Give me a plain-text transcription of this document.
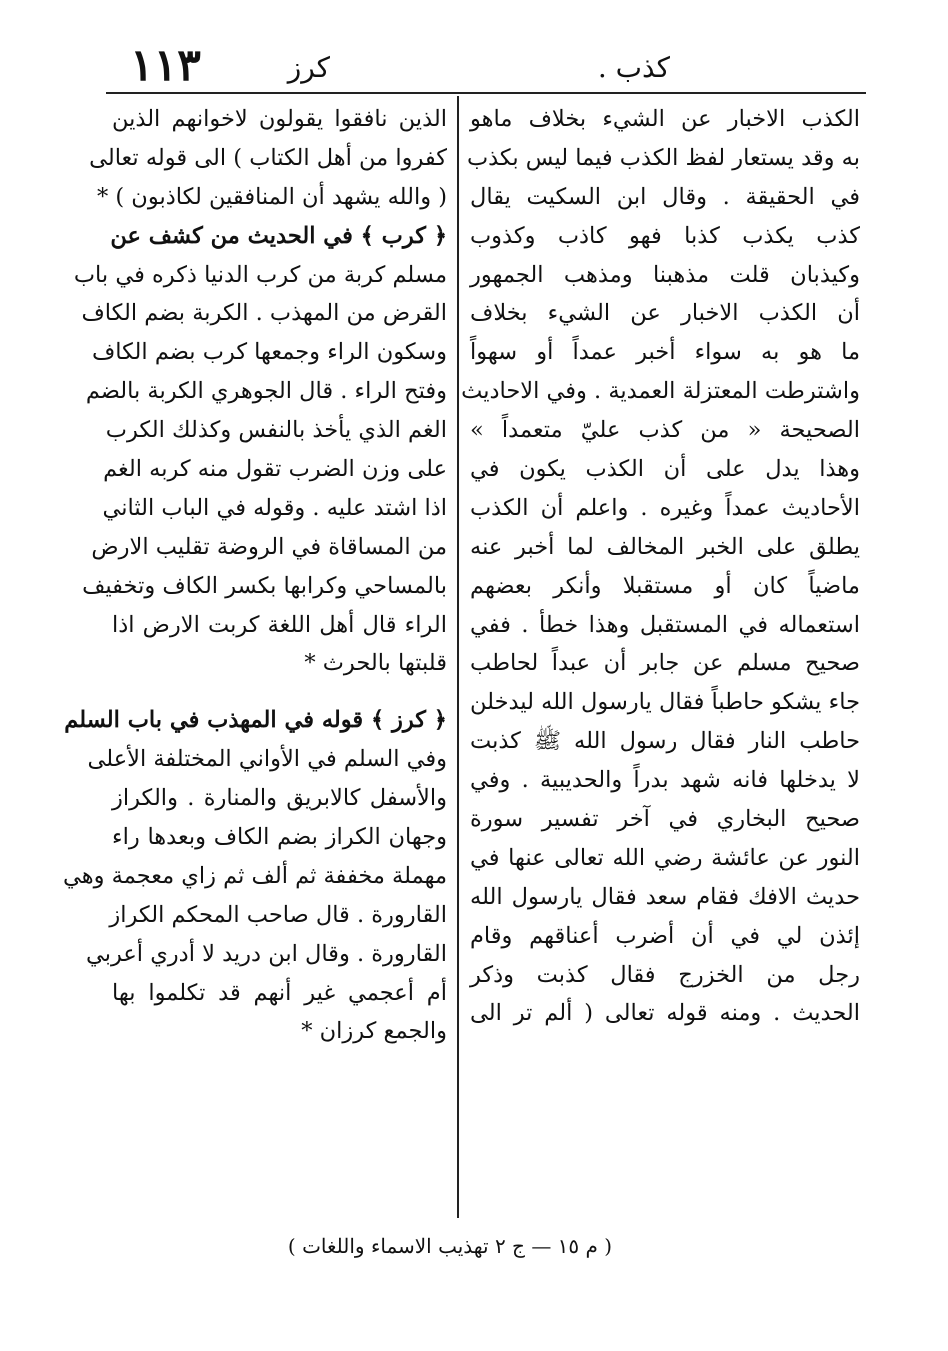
كذب .
كرز
١١٣
الكذب الاخبار عن الشيء بخلاف ماهو
به وقد يستعار لفظ الكذب فيما ليس بكذب
في الحقيقة . وقال ابن السكيت يقال
كذب يكذب كذبا فهو كاذب وكذوب
وكيذبان قلت مذهبنا ومذهب الجمهور
أن الكذب الاخبار عن الشيء بخلاف
ما هو به سواء أخبر عمداً أو سهواً
واشترطت المعتزلة العمدية . وفي الاحاديث
الصحيحة « من كذب عليّ متعمداً »
وهذا يدل على أن الكذب يكون في
الأحاديث عمداً وغيره . واعلم أن الكذب
يطلق على الخبر المخالف لما أخبر عنه
ماضياً كان أو مستقبلا وأنكر بعضهم
استعماله في المستقبل وهذا خطأ . ففي
صحيح مسلم عن جابر أن عبداً لحاطب
جاء يشكو حاطباً فقال يارسول الله ليدخلن
حاطب النار فقال رسول الله ﷺ كذبت
لا يدخلها فانه شهد بدراً والحديبية . وفي
صحيح البخاري في آخر تفسير سورة
النور عن عائشة رضي الله تعالى عنها في
حديث الافك فقام سعد فقال يارسول الله
إئذن لي في أن أضرب أعناقهم وقام
رجل من الخزرج فقال كذبت وذكر
الحديث . ومنه قوله تعالى ( ألم تر الى
الذين نافقوا يقولون لاخوانهم الذين
كفروا من أهل الكتاب ) الى قوله تعالى
( والله يشهد أن المنافقين لكاذبون ) *
﴿ كرب ﴾ في الحديث من كشف عن
مسلم كربة من كرب الدنيا ذكره في باب
القرض من المهذب . الكربة بضم الكاف
وسكون الراء وجمعها كرب بضم الكاف
وفتح الراء . قال الجوهري الكربة بالضم
الغم الذي يأخذ بالنفس وكذلك الكرب
على وزن الضرب تقول منه كربه الغم
اذا اشتد عليه . وقوله في الباب الثاني
من المساقاة في الروضة تقليب الارض
بالمساحي وكرابها بكسر الكاف وتخفيف
الراء قال أهل اللغة كربت الارض اذا
قلبتها بالحرث *
﴿ كرز ﴾ قوله في المهذب في باب السلم
وفي السلم في الأواني المختلفة الأعلى
والأسفل كالابريق والمنارة . والكراز
وجهان الكراز بضم الكاف وبعدها راء
مهملة مخففة ثم ألف ثم زاي معجمة وهي
القارورة . قال صاحب المحكم الكراز
القارورة . وقال ابن دريد لا أدري أعربي
أم أعجمي غير أنهم قد تكلموا بها
والجمع كرزان *
( م ١٥ — ج ٢ تهذيب الاسماء واللغات )
